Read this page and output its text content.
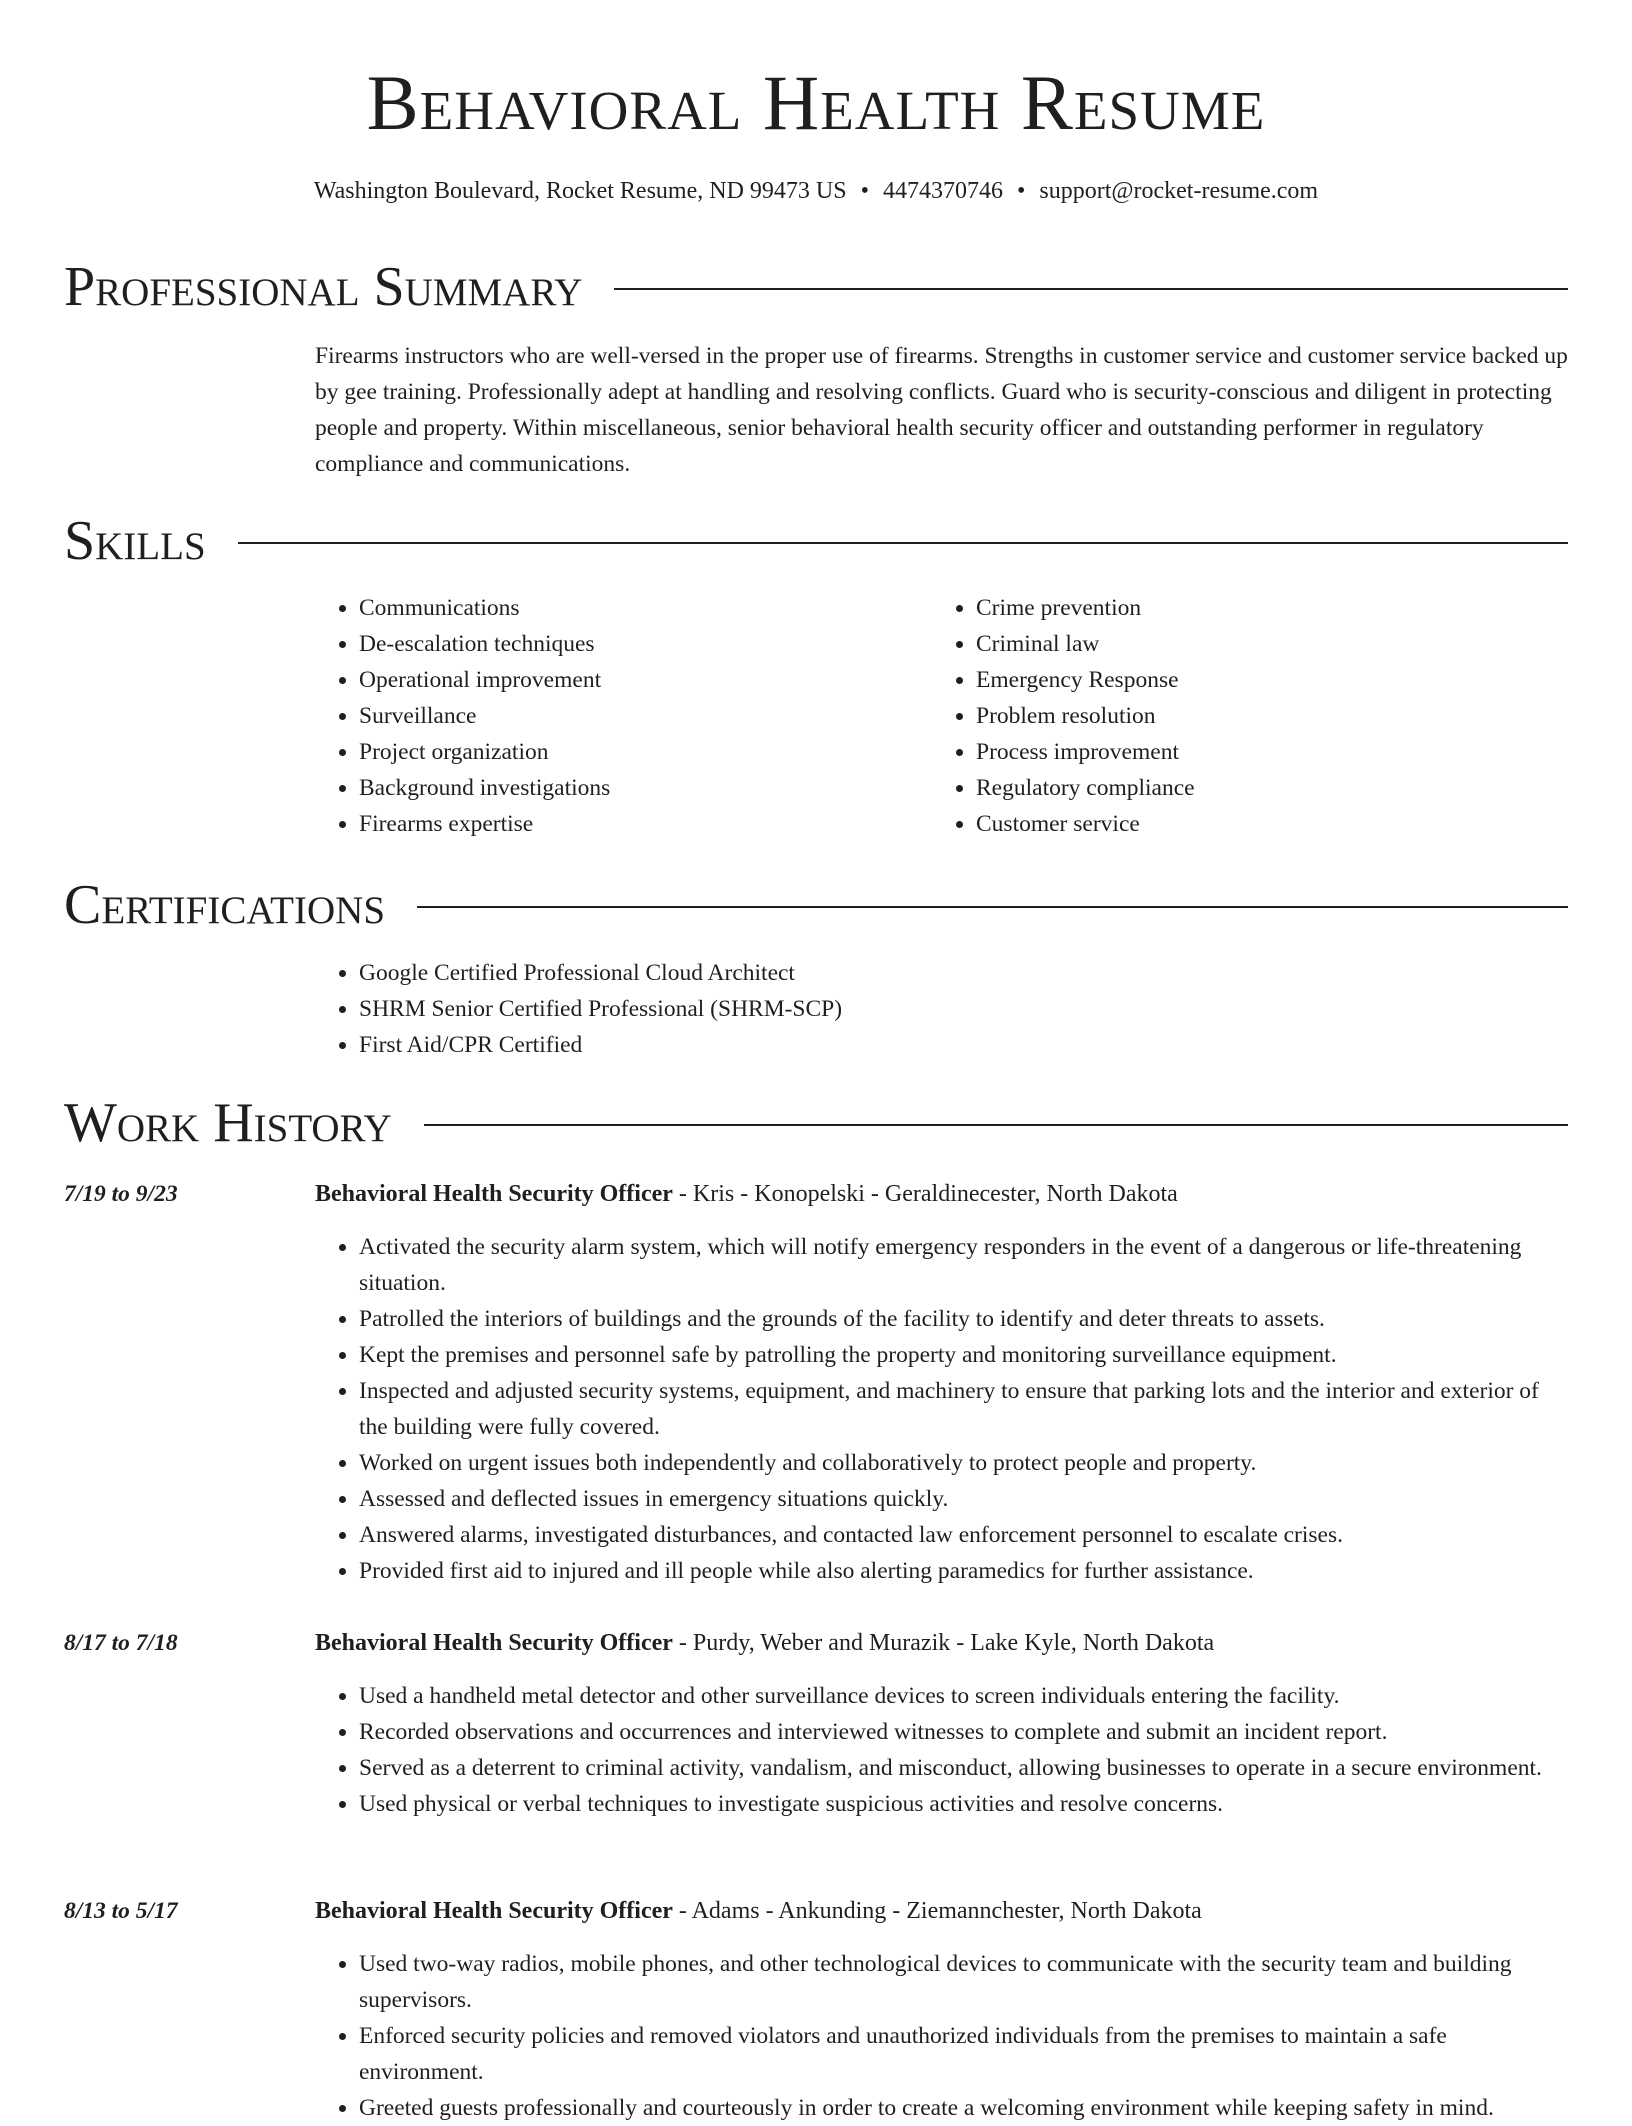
Behavioral Health Resume
Washington Boulevard, Rocket Resume, ND 99473 US • 4474370746 • support@rocket-resume.com
Professional Summary
Firearms instructors who are well-versed in the proper use of firearms. Strengths in customer service and customer service backed up by gee training. Professionally adept at handling and resolving conflicts. Guard who is security-conscious and diligent in protecting people and property. Within miscellaneous, senior behavioral health security officer and outstanding performer in regulatory compliance and communications.
Skills
• Communications
• De-escalation techniques
• Operational improvement
• Surveillance
• Project organization
• Background investigations
• Firearms expertise
• Crime prevention
• Criminal law
• Emergency Response
• Problem resolution
• Process improvement
• Regulatory compliance
• Customer service
Certifications
• Google Certified Professional Cloud Architect
• SHRM Senior Certified Professional (SHRM-SCP)
• First Aid/CPR Certified
Work History
7/19 to 9/23	Behavioral Health Security Officer - Kris - Konopelski - Geraldinecester, North Dakota
• Activated the security alarm system, which will notify emergency responders in the event of a dangerous or life-threatening situation.
• Patrolled the interiors of buildings and the grounds of the facility to identify and deter threats to assets.
• Kept the premises and personnel safe by patrolling the property and monitoring surveillance equipment.
• Inspected and adjusted security systems, equipment, and machinery to ensure that parking lots and the interior and exterior of the building were fully covered.
• Worked on urgent issues both independently and collaboratively to protect people and property.
• Assessed and deflected issues in emergency situations quickly.
• Answered alarms, investigated disturbances, and contacted law enforcement personnel to escalate crises.
• Provided first aid to injured and ill people while also alerting paramedics for further assistance.
8/17 to 7/18	Behavioral Health Security Officer - Purdy, Weber and Murazik - Lake Kyle, North Dakota
• Used a handheld metal detector and other surveillance devices to screen individuals entering the facility.
• Recorded observations and occurrences and interviewed witnesses to complete and submit an incident report.
• Served as a deterrent to criminal activity, vandalism, and misconduct, allowing businesses to operate in a secure environment.
• Used physical or verbal techniques to investigate suspicious activities and resolve concerns.
8/13 to 5/17	Behavioral Health Security Officer - Adams - Ankunding - Ziemannchester, North Dakota
• Used two-way radios, mobile phones, and other technological devices to communicate with the security team and building supervisors.
• Enforced security policies and removed violators and unauthorized individuals from the premises to maintain a safe environment.
• Greeted guests professionally and courteously in order to create a welcoming environment while keeping safety in mind.
